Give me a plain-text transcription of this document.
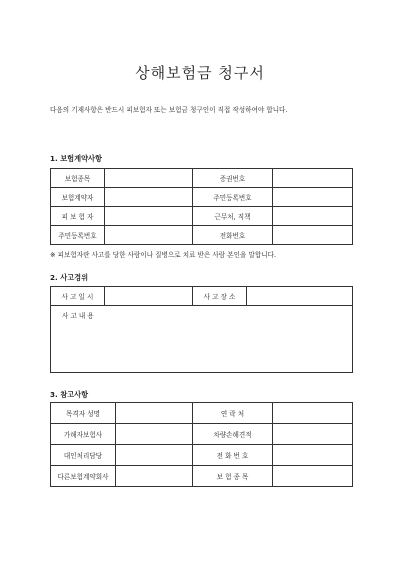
상해보험금 청구서
다음의 기재사항은 반드시 피보험자 또는 보험금 청구인이 직접 작성하여야 합니다.
1. 보험계약사항
보험종목		증권번호	
보험계약자		주민등록번호	
피 보 험 자		근무처, 직책	
주민등록번호		전화번호	
※ 피보험자란 사고를 당한 사람이나 질병으로 치료 받은 사람 본인을 말합니다.
2. 사고경위
사 고 일 시		사 고 장 소	
사 고 내 용
3. 참고사항
목격자 성명		연 락 처	
가해자보험사		차량손해견적	
대인처리담당		전 화 번 호	
다른보험계약회사		보 험 종 목	
